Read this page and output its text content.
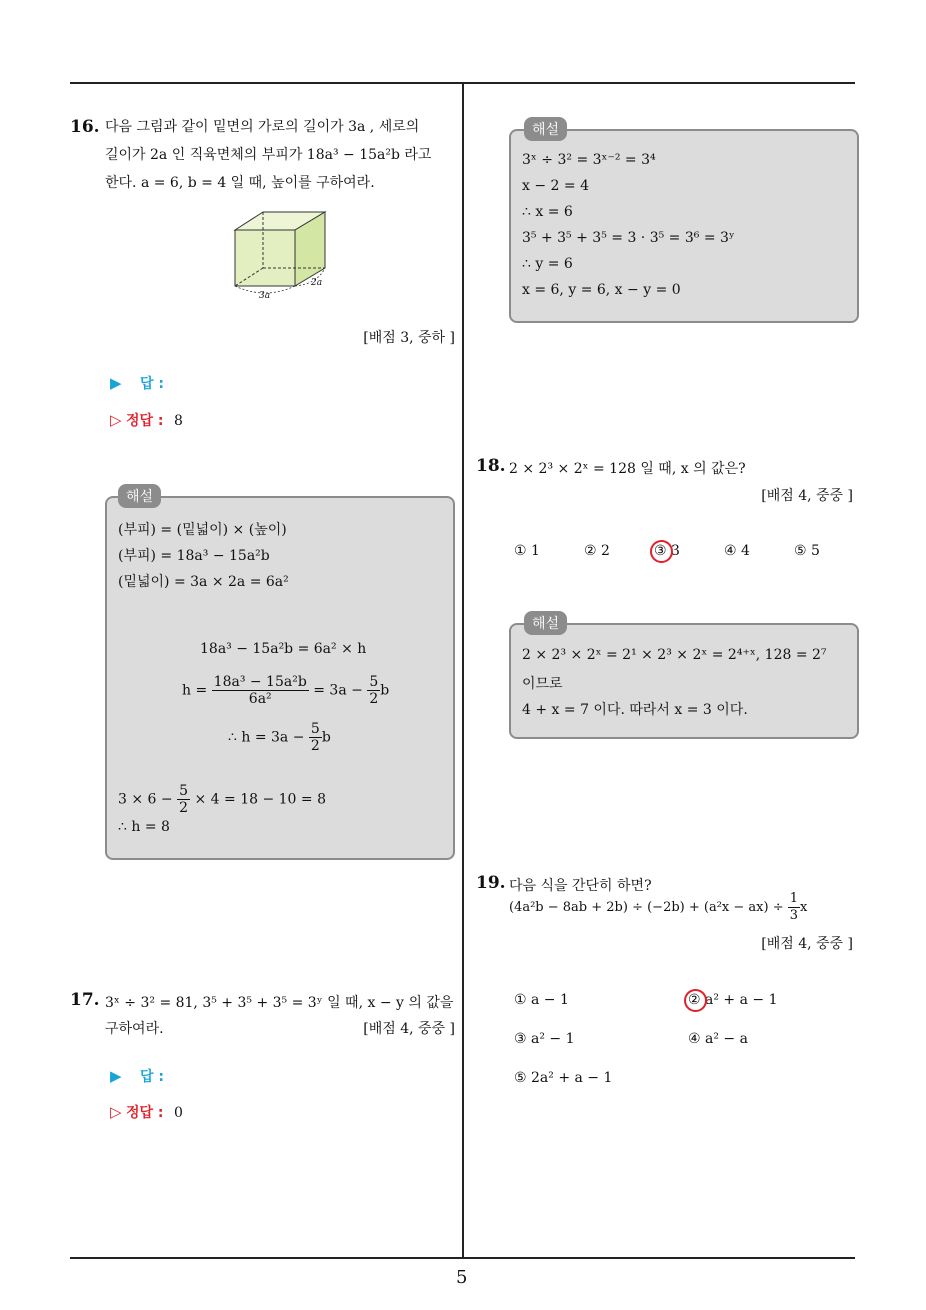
16. 다음 그림과 같이 밑면의 가로의 길이가 3a , 세로의
길이가 2a 인 직육면체의 부피가 18a³ − 15a²b 라고
한다. a = 6, b = 4 일 때, 높이를 구하여라.
3a
2a
[배점 3, 중하 ]
▶ 답 :
▷ 정답 : 8
해설
(부피) = (밑넓이) × (높이)
(부피) = 18a³ − 15a²b
(밑넓이) = 3a × 2a = 6a²
18a³ − 15a²b = 6a² × h
$h = \frac{\text{18a³ − 15a²b}}{\text{6a²}} = 3a - \frac{5}{2}$ b
∴ $h = 3a - \frac{5}{2}$ b
$3 \times 6 - \frac{5}{2} \times 4 = 18 - 10 = 8$
∴ h = 8
17. 3ˣ ÷ 3² = 81, 3⁵ + 3⁵ + 3⁵ = 3ʸ 일 때, x − y 의 값을
구하여라.	[배점 4, 중중 ]
▶ 답 :
▷ 정답 : 0
해설
3ˣ ÷ 3² = 3ˣ⁻² = 3⁴
x − 2 = 4
∴ x = 6
3⁵ + 3⁵ + 3⁵ = 3 · 3⁵ = 3⁶ = 3ʸ
∴ y = 6
x = 6, y = 6, x − y = 0
18. 2 × 2³ × 2ˣ = 128 일 때, x 의 값은?
[배점 4, 중중 ]
① 1	② 2	③ 3	④ 4	⑤ 5
해설
2 × 2³ × 2ˣ = 2¹ × 2³ × 2ˣ = 2⁴⁺ˣ, 128 = 2⁷
이므로
4 + x = 7 이다. 따라서 x = 3 이다.
19. 다음 식을 간단히 하면?
$(4a^2b - 8ab + 2b) \div (-2b) + (a^2x - ax) \div \frac{1}{3}$ x
[배점 4, 중중 ]
① a − 1	② a² + a − 1
③ a² − 1	④ a² − a
⑤ 2a² + a − 1
5
